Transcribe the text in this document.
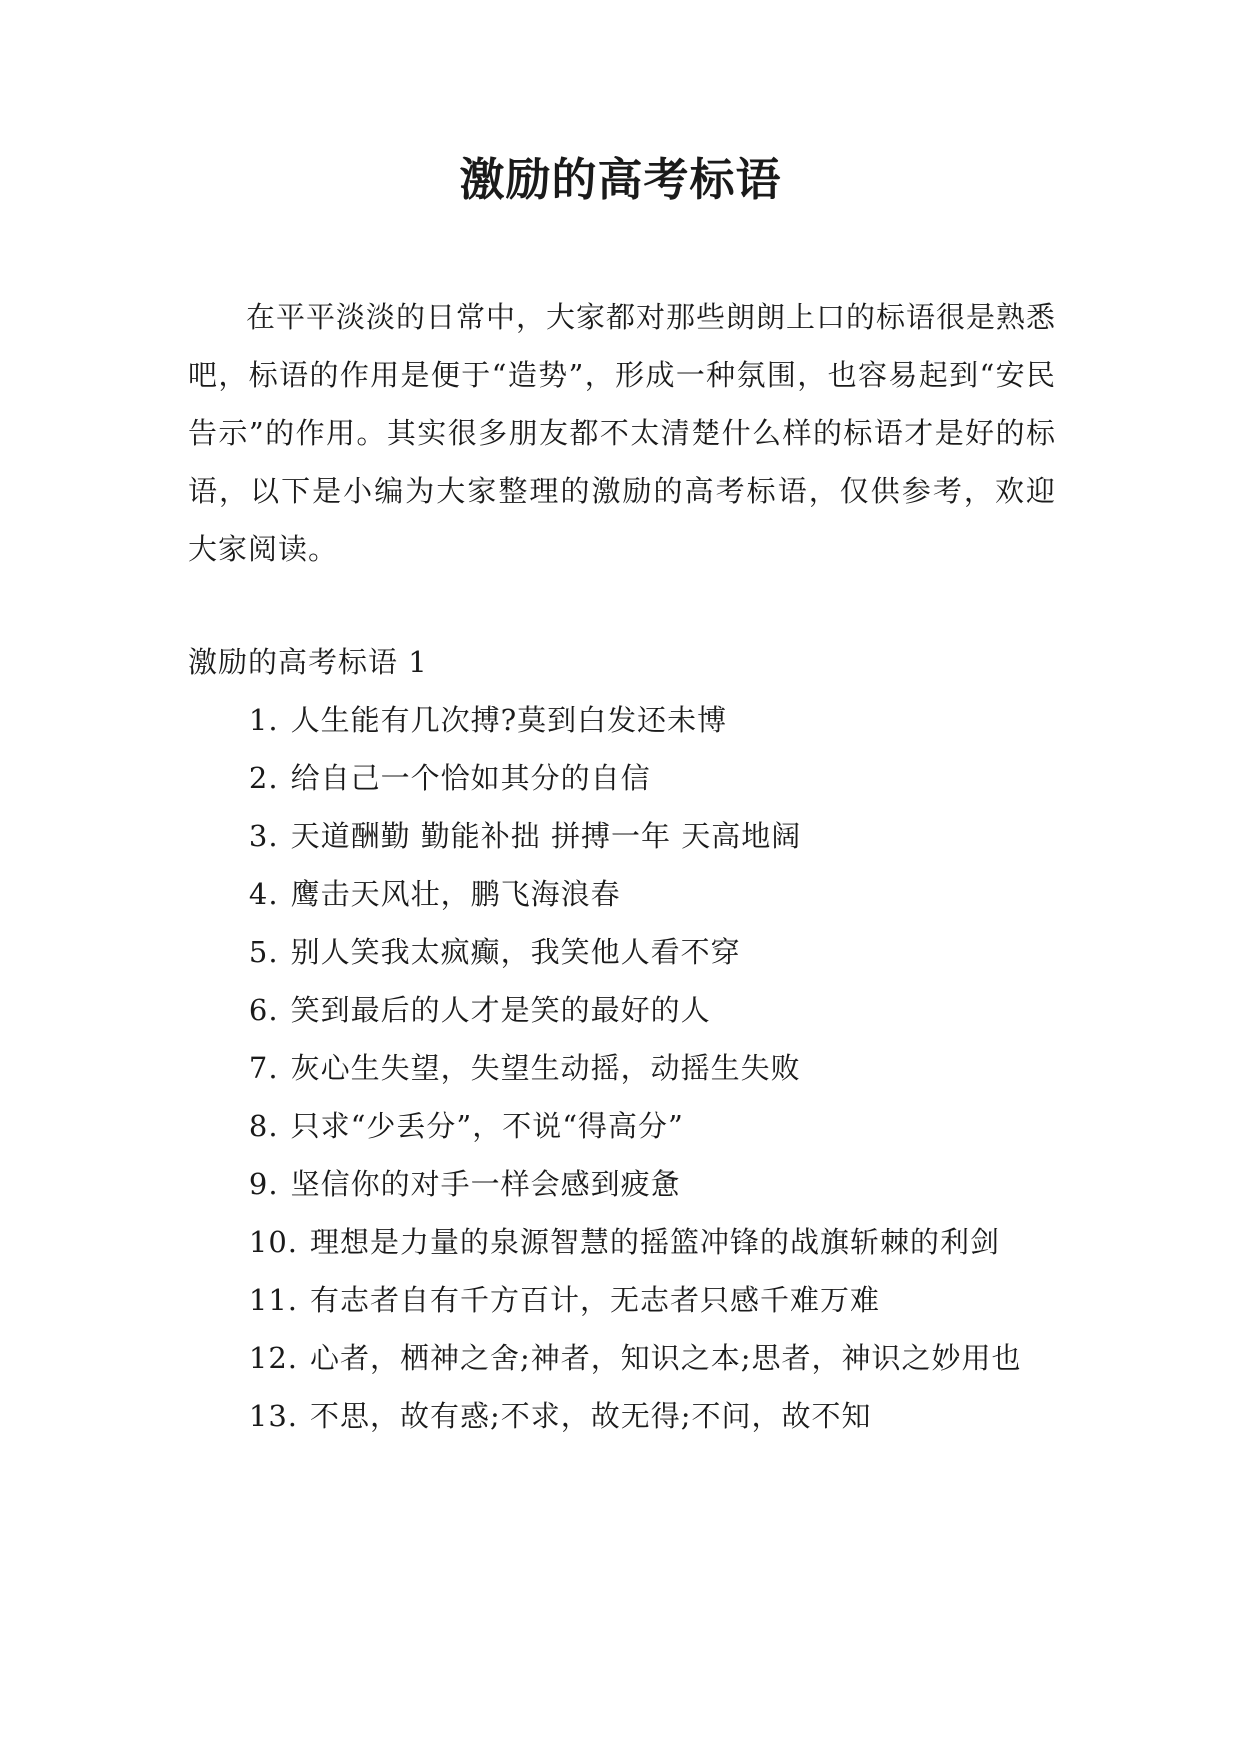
激励的高考标语

在平平淡淡的日常中，大家都对那些朗朗上口的标语很是熟悉吧，标语的作用是便于“造势”，形成一种氛围，也容易起到“安民告示”的作用。其实很多朋友都不太清楚什么样的标语才是好的标语，以下是小编为大家整理的激励的高考标语，仅供参考，欢迎大家阅读。

激励的高考标语 1
1. 人生能有几次搏?莫到白发还未博
2. 给自己一个恰如其分的自信
3. 天道酬勤 勤能补拙 拼搏一年 天高地阔
4. 鹰击天风壮，鹏飞海浪春
5. 别人笑我太疯癫，我笑他人看不穿
6. 笑到最后的人才是笑的最好的人
7. 灰心生失望，失望生动摇，动摇生失败
8. 只求“少丢分”，不说“得高分”
9. 坚信你的对手一样会感到疲惫
10. 理想是力量的泉源智慧的摇篮冲锋的战旗斩棘的利剑
11. 有志者自有千方百计，无志者只感千难万难
12. 心者，栖神之舍;神者，知识之本;思者，神识之妙用也
13. 不思，故有惑;不求，故无得;不问，故不知
